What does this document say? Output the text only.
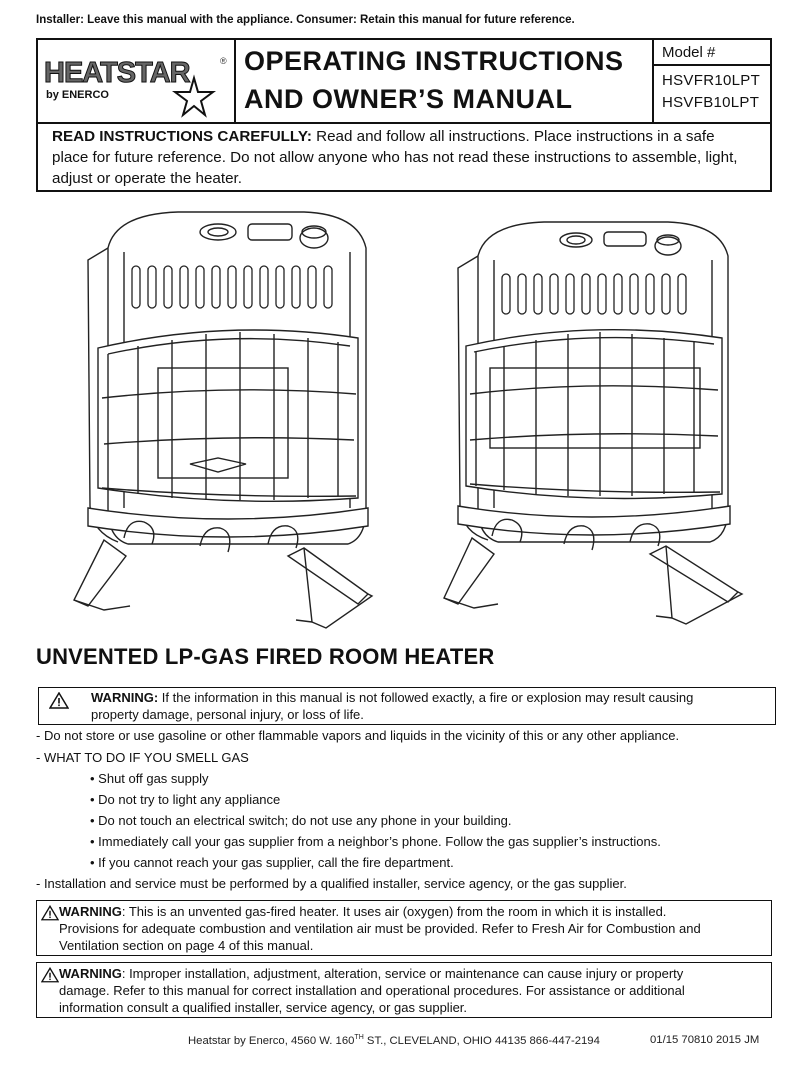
Installer: Leave this manual with the appliance. Consumer: Retain this manual for future reference.
HEATSTAR	®
by ENERCO
OPERATING INSTRUCTIONS
AND OWNER’S MANUAL
Model #
HSVFR10LPT
HSVFB10LPT
READ INSTRUCTIONS CAREFULLY: Read and follow all instructions. Place instructions in a safe place for future reference. Do not allow anyone who has not read these instructions to assemble, light, adjust or operate the heater.
UNVENTED LP-GAS FIRED ROOM HEATER
WARNING: If the information in this manual is not followed exactly, a fire or explosion may result causing
property damage, personal injury, or loss of life.
- Do not store or use gasoline or other flammable vapors and liquids in the vicinity of this or any other appliance.
- WHAT TO DO IF YOU SMELL GAS
• Shut off gas supply
• Do not try to light any appliance
• Do not touch an electrical switch; do not use any phone in your building.
• Immediately call your gas supplier from a neighbor’s phone. Follow the gas supplier’s instructions.
• If you cannot reach your gas supplier, call the fire department.
- Installation and service must be performed by a qualified installer, service agency, or the gas supplier.
WARNING: This is an unvented gas-fired heater. It uses air (oxygen) from the room in which it is installed.
Provisions for adequate combustion and ventilation air must be provided. Refer to Fresh Air for Combustion and
Ventilation section on page 4 of this manual.
WARNING: Improper installation, adjustment, alteration, service or maintenance can cause injury or property
damage. Refer to this manual for correct installation and operational procedures. For assistance or additional
information consult a qualified installer, service agency, or gas supplier.
Heatstar by Enerco, 4560 W. 160TH ST., CLEVELAND, OHIO 44135 866-447-2194	01/15 70810 2015 JM
